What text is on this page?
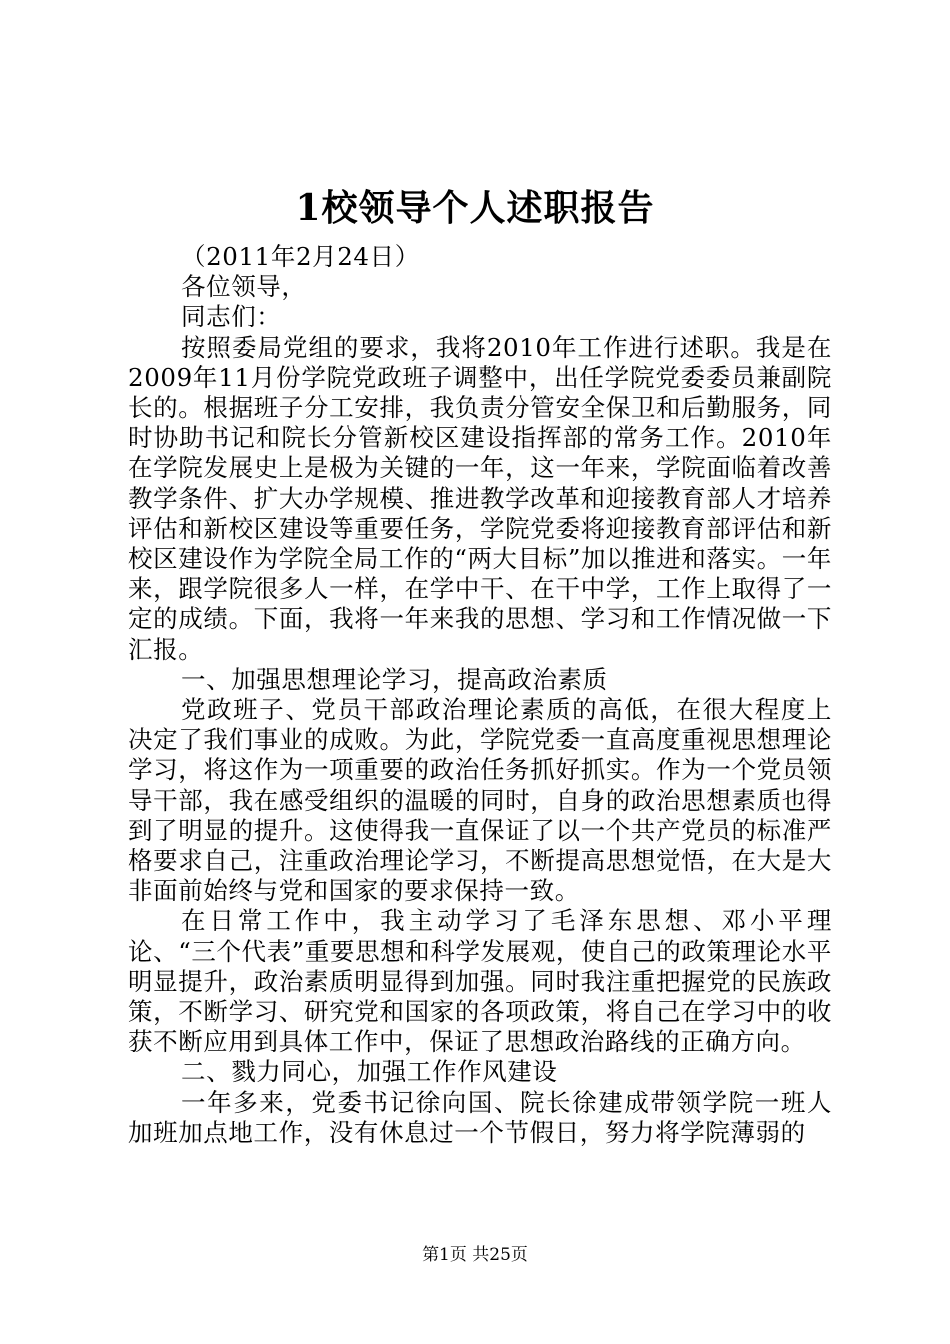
1校领导个人述职报告

（2011年2月24日）

各位领导，

同志们：

按照委局党组的要求，我将2010年工作进行述职。我是在2009年11月份学院党政班子调整中，出任学院党委委员兼副院长的。根据班子分工安排，我负责分管安全保卫和后勤服务，同时协助书记和院长分管新校区建设指挥部的常务工作。2010年在学院发展史上是极为关键的一年，这一年来，学院面临着改善教学条件、扩大办学规模、推进教学改革和迎接教育部人才培养评估和新校区建设等重要任务，学院党委将迎接教育部评估和新校区建设作为学院全局工作的“两大目标”加以推进和落实。一年来，跟学院很多人一样，在学中干、在干中学，工作上取得了一定的成绩。下面，我将一年来我的思想、学习和工作情况做一下汇报。

一、加强思想理论学习，提高政治素质

党政班子、党员干部政治理论素质的高低，在很大程度上决定了我们事业的成败。为此，学院党委一直高度重视思想理论学习，将这作为一项重要的政治任务抓好抓实。作为一个党员领导干部，我在感受组织的温暖的同时，自身的政治思想素质也得到了明显的提升。这使得我一直保证了以一个共产党员的标准严格要求自己，注重政治理论学习，不断提高思想觉悟，在大是大非面前始终与党和国家的要求保持一致。

在日常工作中，我主动学习了毛泽东思想、邓小平理论、“三个代表”重要思想和科学发展观，使自己的政策理论水平明显提升，政治素质明显得到加强。同时我注重把握党的民族政策，不断学习、研究党和国家的各项政策，将自己在学习中的收获不断应用到具体工作中，保证了思想政治路线的正确方向。

二、戮力同心，加强工作作风建设

一年多来，党委书记徐向国、院长徐建成带领学院一班人加班加点地工作，没有休息过一个节假日，努力将学院薄弱的

第1页 共25页
